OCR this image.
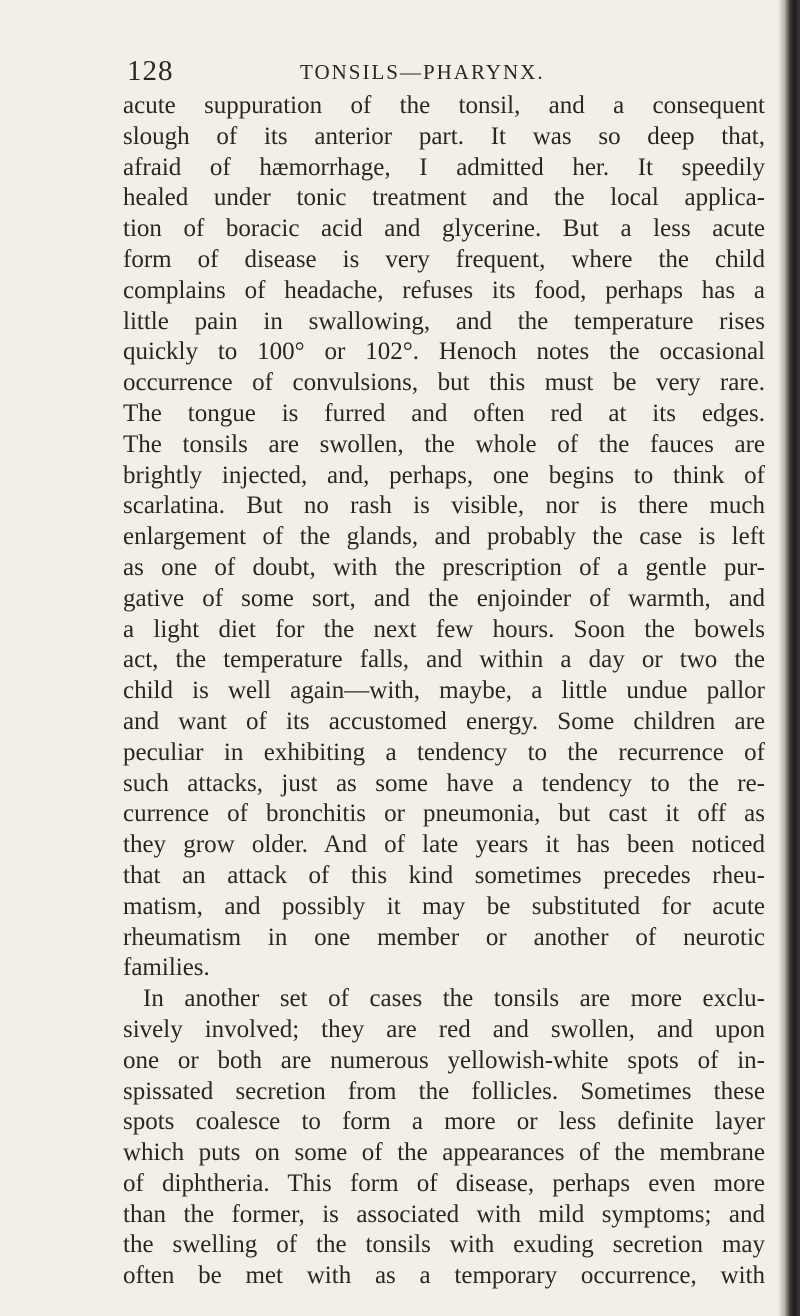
128	TONSILS—PHARYNX.
acute suppuration of the tonsil, and a consequent
slough of its anterior part. It was so deep that,
afraid of hæmorrhage, I admitted her. It speedily
healed under tonic treatment and the local applica-
tion of boracic acid and glycerine. But a less acute
form of disease is very frequent, where the child
complains of headache, refuses its food, perhaps has a
little pain in swallowing, and the temperature rises
quickly to 100° or 102°. Henoch notes the occasional
occurrence of convulsions, but this must be very rare.
The tongue is furred and often red at its edges.
The tonsils are swollen, the whole of the fauces are
brightly injected, and, perhaps, one begins to think of
scarlatina. But no rash is visible, nor is there much
enlargement of the glands, and probably the case is left
as one of doubt, with the prescription of a gentle pur-
gative of some sort, and the enjoinder of warmth, and
a light diet for the next few hours. Soon the bowels
act, the temperature falls, and within a day or two the
child is well again—with, maybe, a little undue pallor
and want of its accustomed energy. Some children are
peculiar in exhibiting a tendency to the recurrence of
such attacks, just as some have a tendency to the re-
currence of bronchitis or pneumonia, but cast it off as
they grow older. And of late years it has been noticed
that an attack of this kind sometimes precedes rheu-
matism, and possibly it may be substituted for acute
rheumatism in one member or another of neurotic
families.
In another set of cases the tonsils are more exclu-
sively involved; they are red and swollen, and upon
one or both are numerous yellowish-white spots of in-
spissated secretion from the follicles. Sometimes these
spots coalesce to form a more or less definite layer
which puts on some of the appearances of the membrane
of diphtheria. This form of disease, perhaps even more
than the former, is associated with mild symptoms; and
the swelling of the tonsils with exuding secretion may
often be met with as a temporary occurrence, with
